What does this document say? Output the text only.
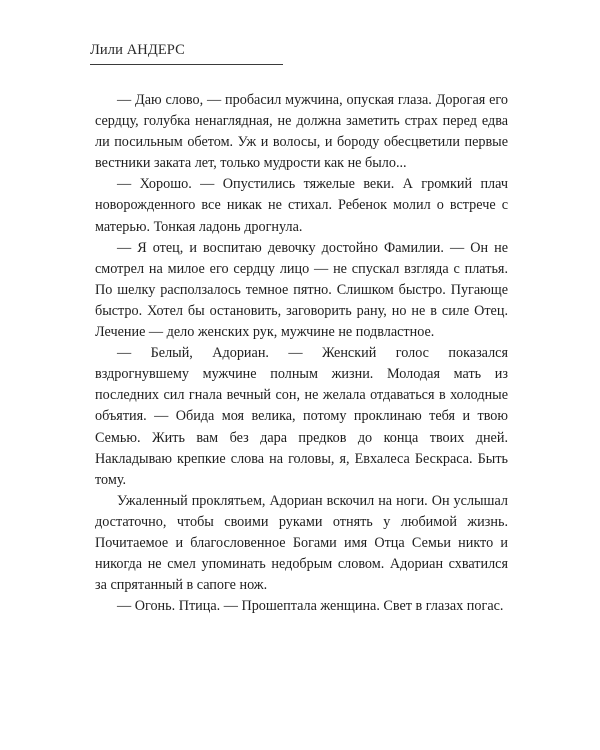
Лили АНДЕРС

— Даю слово, — пробасил мужчина, опуская глаза. Дорогая его сердцу, голубка ненаглядная, не должна заметить страх перед едва ли посильным обетом. Уж и волосы, и бороду обесцветили первые вестники заката лет, только мудрости как не было...

— Хорошо. — Опустились тяжелые веки. А громкий плач новорожденного все никак не стихал. Ребенок молил о встрече с матерью. Тонкая ладонь дрогнула.

— Я отец, и воспитаю девочку достойно Фамилии. — Он не смотрел на милое его сердцу лицо — не спускал взгляда с платья. По шелку расползалось темное пятно. Слишком быстро. Пугающе быстро. Хотел бы остановить, заговорить рану, но не в силе Отец. Лечение — дело женских рук, мужчине не подвластное.

— Белый, Адориан. — Женский голос показался вздрогнувшему мужчине полным жизни. Молодая мать из последних сил гнала вечный сон, не желала отдаваться в холодные объятия. — Обида моя велика, потому проклинаю тебя и твою Семью. Жить вам без дара предков до конца твоих дней. Накладываю крепкие слова на головы, я, Евхалеса Бескраса. Быть тому.

Ужаленный проклятьем, Адориан вскочил на ноги. Он услышал достаточно, чтобы своими руками отнять у любимой жизнь. Почитаемое и благословенное Богами имя Отца Семьи никто и никогда не смел упоминать недобрым словом. Адориан схватился за спрятанный в сапоге нож.

— Огонь. Птица. — Прошептала женщина. Свет в глазах погас.
